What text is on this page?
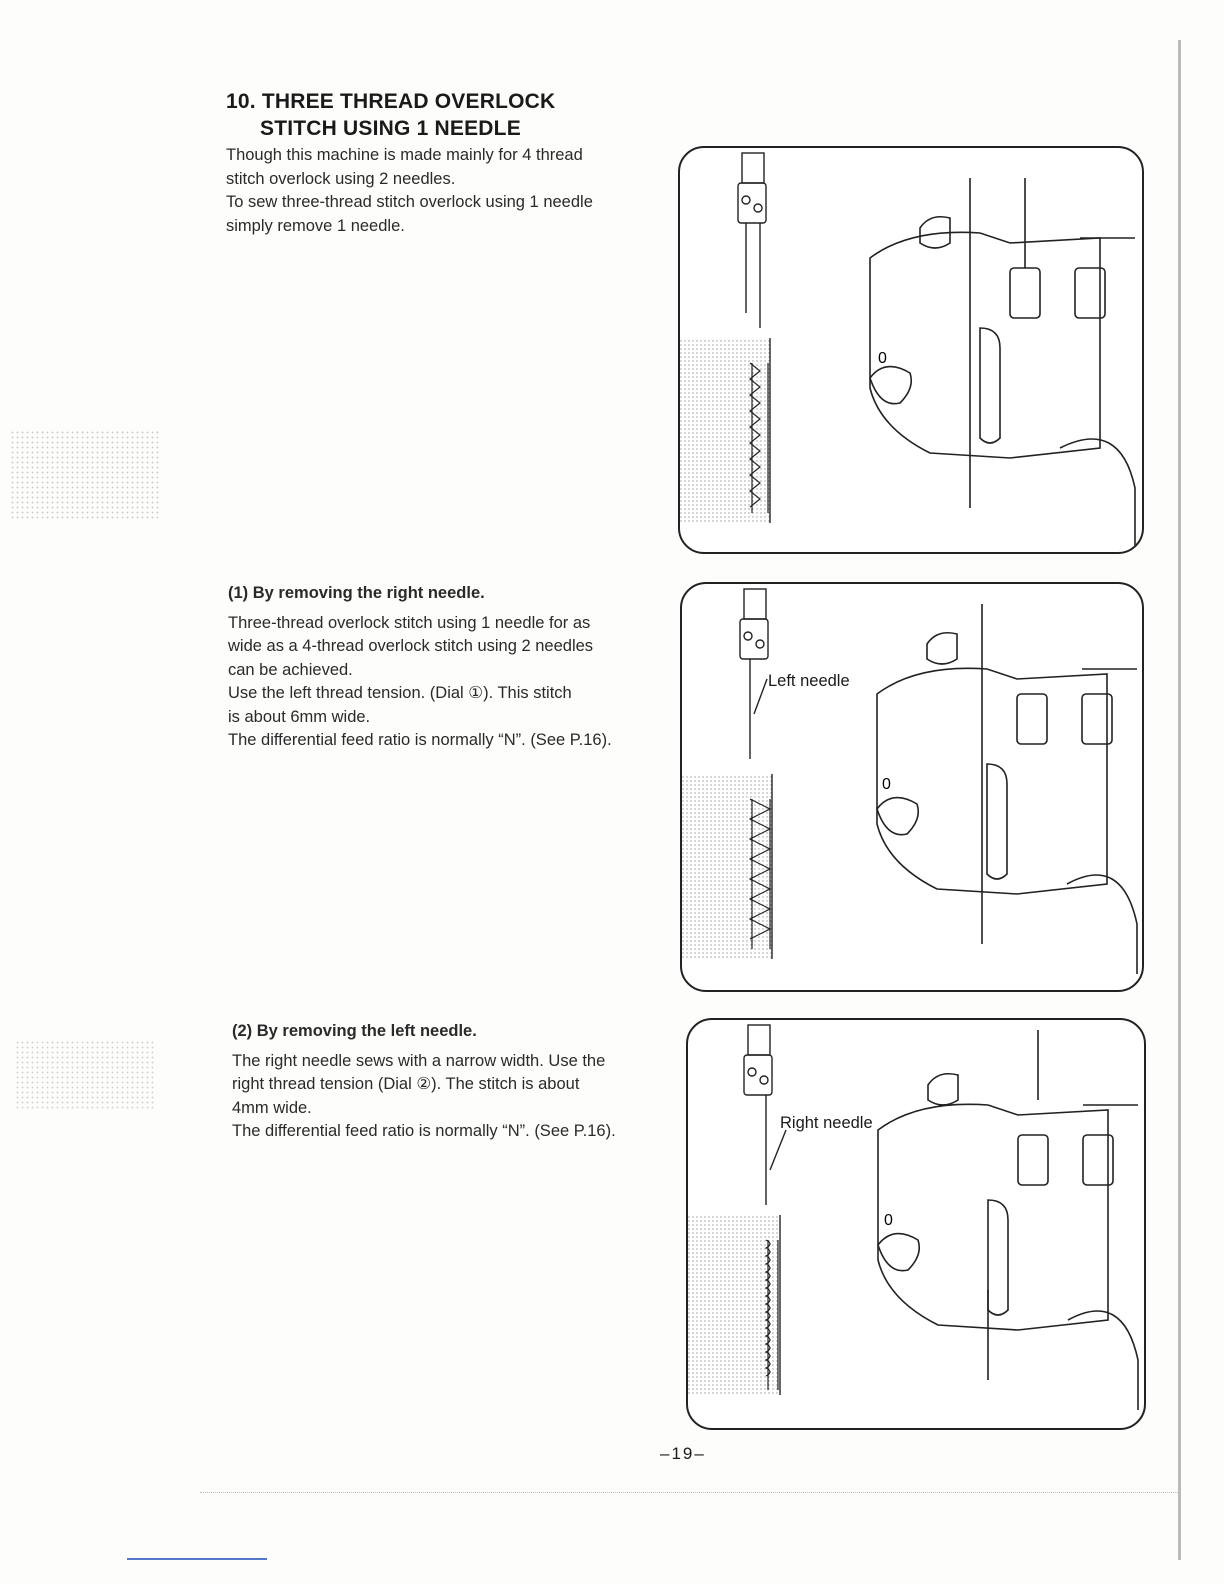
10. THREE THREAD OVERLOCK
STITCH USING 1 NEEDLE

Though this machine is made mainly for 4 thread

stitch overlock using 2 needles.

To sew three-thread stitch overlock using 1 needle

simply remove 1 needle.

(1) By removing the right needle.

Three-thread overlock stitch using 1 needle for as

wide as a 4-thread overlock stitch using 2 needles

can be achieved.

Use the left thread tension. (Dial ①). This stitch

is about 6mm wide.

The differential feed ratio is normally “N”. (See P.16).

(2) By removing the left needle.

The right needle sews with a narrow width. Use the

right thread tension (Dial ②). The stitch is about

4mm wide.

The differential feed ratio is normally “N”. (See P.16).

0
0
Left needle
0
Right needle
–19–
